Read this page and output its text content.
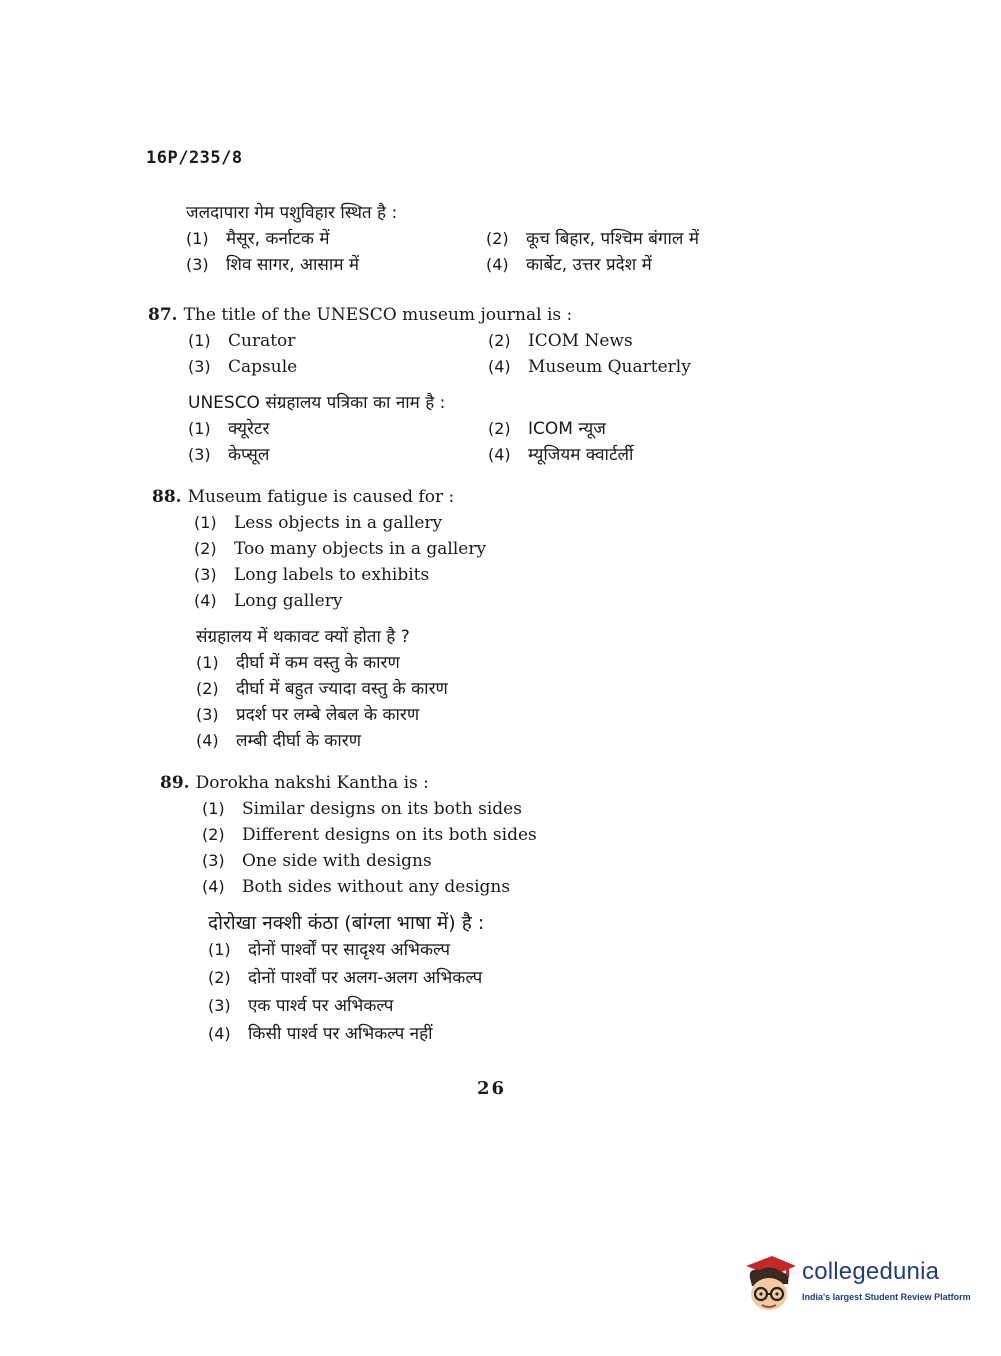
16P/235/8
जलदापारा गेम पशुविहार स्थित है :
(1) मैसूर, कर्नाटक में	(2) कूच बिहार, पश्चिम बंगाल में
(3) शिव सागर, आसाम में	(4) कार्बेट, उत्तर प्रदेश में
87. The title of the UNESCO museum journal is :
(1) Curator	(2) ICOM News
(3) Capsule	(4) Museum Quarterly
UNESCO संग्रहालय पत्रिका का नाम है :
(1) क्यूरेटर	(2) ICOM न्यूज
(3) केप्सूल	(4) म्यूजियम क्वार्टर्ली
88. Museum fatigue is caused for :
(1) Less objects in a gallery
(2) Too many objects in a gallery
(3) Long labels to exhibits
(4) Long gallery
संग्रहालय में थकावट क्यों होता है ?
(1) दीर्घा में कम वस्तु के कारण
(2) दीर्घा में बहुत ज्यादा वस्तु के कारण
(3) प्रदर्श पर लम्बे लेबल के कारण
(4) लम्बी दीर्घा के कारण
89. Dorokha nakshi Kantha is :
(1) Similar designs on its both sides
(2) Different designs on its both sides
(3) One side with designs
(4) Both sides without any designs
दोरोखा नक्शी कंठा (बांग्ला भाषा में) है :
(1) दोनों पार्श्वों पर सादृश्य अभिकल्प
(2) दोनों पार्श्वों पर अलग-अलग अभिकल्प
(3) एक पार्श्व पर अभिकल्प
(4) किसी पार्श्व पर अभिकल्प नहीं
26
collegedunia
India's largest Student Review Platform
